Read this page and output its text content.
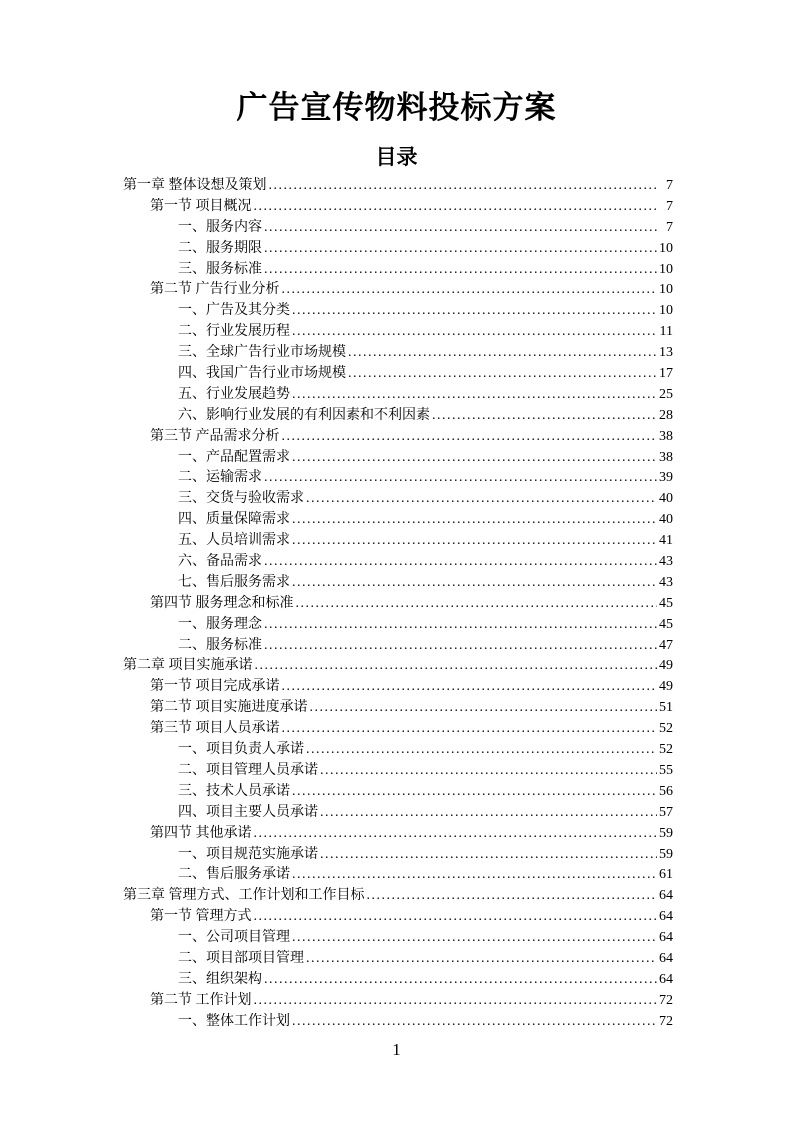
广告宣传物料投标方案
目录
第一章 整体设想及策划 .....	7
第一节 项目概况 .....	7
一、服务内容 .....	7
二、服务期限 .....	10
三、服务标准 .....	10
第二节 广告行业分析 .....	10
一、广告及其分类 .....	10
二、行业发展历程 .....	11
三、全球广告行业市场规模 .....	13
四、我国广告行业市场规模 .....	17
五、行业发展趋势 .....	25
六、影响行业发展的有利因素和不利因素 .....	28
第三节 产品需求分析 .....	38
一、产品配置需求 .....	38
二、运输需求 .....	39
三、交货与验收需求 .....	40
四、质量保障需求 .....	40
五、人员培训需求 .....	41
六、备品需求 .....	43
七、售后服务需求 .....	43
第四节 服务理念和标准 .....	45
一、服务理念 .....	45
二、服务标准 .....	47
第二章 项目实施承诺 .....	49
第一节 项目完成承诺 .....	49
第二节 项目实施进度承诺 .....	51
第三节 项目人员承诺 .....	52
一、项目负责人承诺 .....	52
二、项目管理人员承诺 .....	55
三、技术人员承诺 .....	56
四、项目主要人员承诺 .....	57
第四节 其他承诺 .....	59
一、项目规范实施承诺 .....	59
二、售后服务承诺 .....	61
第三章 管理方式、工作计划和工作目标 .....	64
第一节 管理方式 .....	64
一、公司项目管理 .....	64
二、项目部项目管理 .....	64
三、组织架构 .....	64
第二节 工作计划 .....	72
一、整体工作计划 .....	72
1
